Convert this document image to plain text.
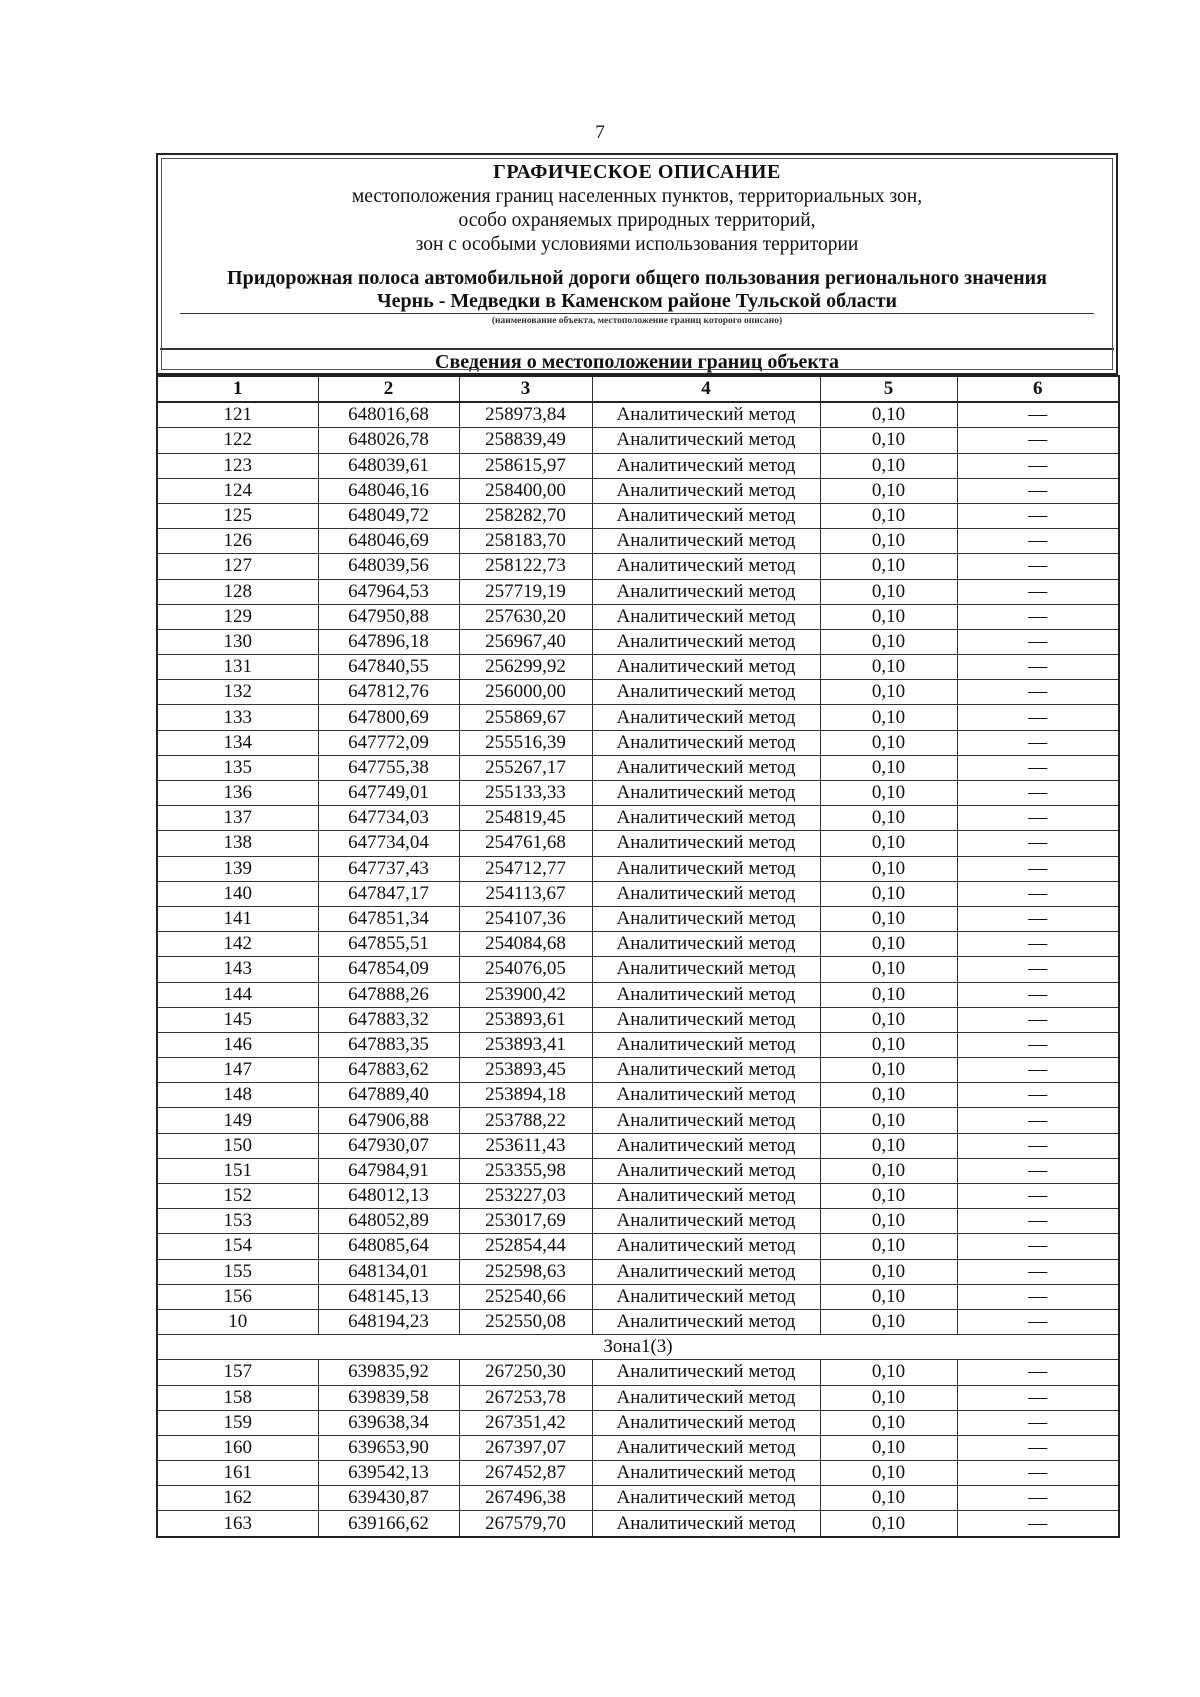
7
ГРАФИЧЕСКОЕ ОПИСАНИЕ
местоположения границ населенных пунктов, территориальных зон,
особо охраняемых природных территорий,
зон с особыми условиями использования территории
Придорожная полоса автомобильной дороги общего пользования регионального значения
Чернь - Медведки в Каменском районе Тульской области
(наименование объекта, местоположение границ которого описано)
Сведения о местоположении границ объекта
1	2	3	4	5	6
121	648016,68	258973,84	Аналитический метод	0,10	—
122	648026,78	258839,49	Аналитический метод	0,10	—
123	648039,61	258615,97	Аналитический метод	0,10	—
124	648046,16	258400,00	Аналитический метод	0,10	—
125	648049,72	258282,70	Аналитический метод	0,10	—
126	648046,69	258183,70	Аналитический метод	0,10	—
127	648039,56	258122,73	Аналитический метод	0,10	—
128	647964,53	257719,19	Аналитический метод	0,10	—
129	647950,88	257630,20	Аналитический метод	0,10	—
130	647896,18	256967,40	Аналитический метод	0,10	—
131	647840,55	256299,92	Аналитический метод	0,10	—
132	647812,76	256000,00	Аналитический метод	0,10	—
133	647800,69	255869,67	Аналитический метод	0,10	—
134	647772,09	255516,39	Аналитический метод	0,10	—
135	647755,38	255267,17	Аналитический метод	0,10	—
136	647749,01	255133,33	Аналитический метод	0,10	—
137	647734,03	254819,45	Аналитический метод	0,10	—
138	647734,04	254761,68	Аналитический метод	0,10	—
139	647737,43	254712,77	Аналитический метод	0,10	—
140	647847,17	254113,67	Аналитический метод	0,10	—
141	647851,34	254107,36	Аналитический метод	0,10	—
142	647855,51	254084,68	Аналитический метод	0,10	—
143	647854,09	254076,05	Аналитический метод	0,10	—
144	647888,26	253900,42	Аналитический метод	0,10	—
145	647883,32	253893,61	Аналитический метод	0,10	—
146	647883,35	253893,41	Аналитический метод	0,10	—
147	647883,62	253893,45	Аналитический метод	0,10	—
148	647889,40	253894,18	Аналитический метод	0,10	—
149	647906,88	253788,22	Аналитический метод	0,10	—
150	647930,07	253611,43	Аналитический метод	0,10	—
151	647984,91	253355,98	Аналитический метод	0,10	—
152	648012,13	253227,03	Аналитический метод	0,10	—
153	648052,89	253017,69	Аналитический метод	0,10	—
154	648085,64	252854,44	Аналитический метод	0,10	—
155	648134,01	252598,63	Аналитический метод	0,10	—
156	648145,13	252540,66	Аналитический метод	0,10	—
10	648194,23	252550,08	Аналитический метод	0,10	—
Зона1(3)					
157	639835,92	267250,30	Аналитический метод	0,10	—
158	639839,58	267253,78	Аналитический метод	0,10	—
159	639638,34	267351,42	Аналитический метод	0,10	—
160	639653,90	267397,07	Аналитический метод	0,10	—
161	639542,13	267452,87	Аналитический метод	0,10	—
162	639430,87	267496,38	Аналитический метод	0,10	—
163	639166,62	267579,70	Аналитический метод	0,10	—
